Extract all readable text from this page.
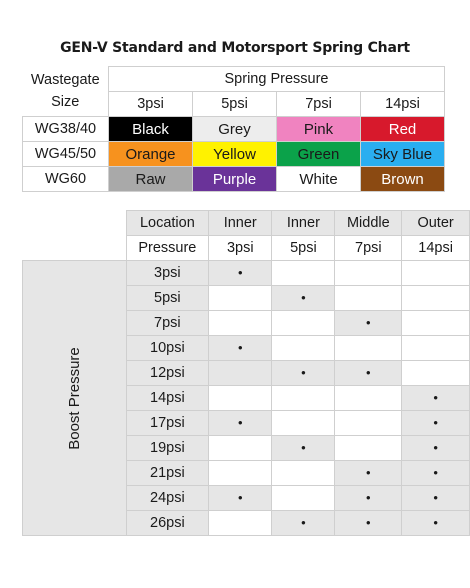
GEN-V Standard and Motorsport Spring Chart
Wastegate
Size	Spring Pressure			
	3psi	5psi	7psi	14psi
WG38/40	Black	Grey	Pink	Red
WG45/50	Orange	Yellow	Green	Sky Blue
WG60	Raw	Purple	White	Brown
	Location	Inner	Inner	Middle	Outer
	Pressure	3psi	5psi	7psi	14psi
Boost Pressure	3psi	•			
	5psi		•		
	7psi			•	
	10psi	•			
	12psi		•	•	
	14psi				•
	17psi	•			•
	19psi		•		•
	21psi			•	•
	24psi	•		•	•
	26psi		•	•	•
